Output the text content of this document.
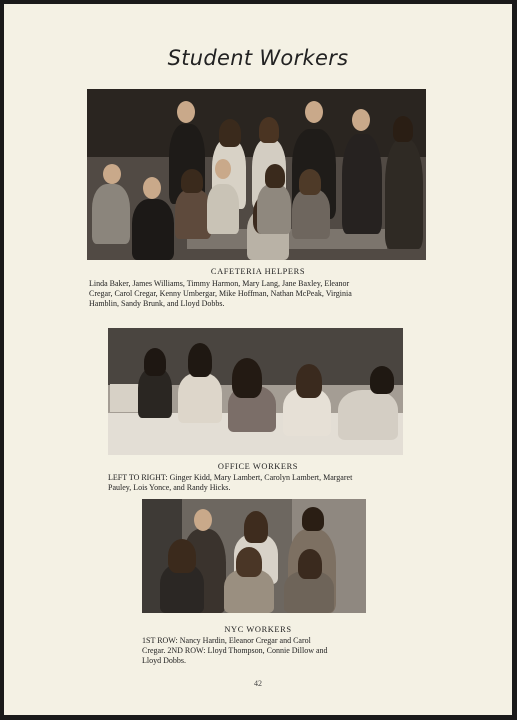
Student Workers
CAFETERIA HELPERS
Linda Baker, James Williams, Timmy Harmon, Mary Lang, Jane Baxley, Eleanor
Cregar, Carol Cregar, Kenny Umbergar, Mike Hoffman, Nathan McPeak, Virginia
Hamblin, Sandy Brunk, and Lloyd Dobbs.
OFFICE WORKERS
LEFT TO RIGHT: Ginger Kidd, Mary Lambert, Carolyn Lambert, Margaret
Pauley, Lois Yonce, and Randy Hicks.
NYC WORKERS
1ST ROW: Nancy Hardin, Eleanor Cregar and Carol
Cregar. 2ND ROW: Lloyd Thompson, Connie Dillow and
Lloyd Dobbs.
42
